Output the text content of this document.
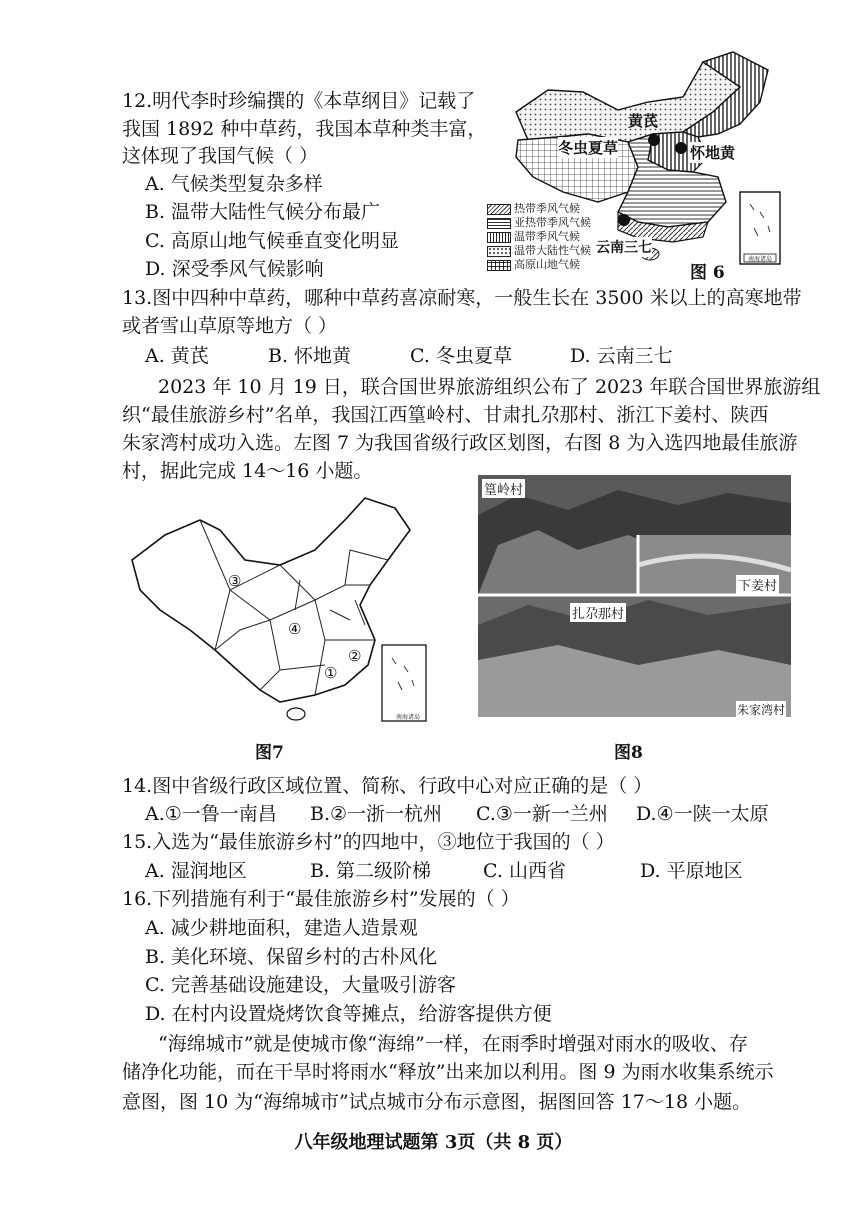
12.明代李时珍编撰的《本草纲目》记载了
我国 1892 种中草药，我国本草种类丰富，
这体现了我国气候（ ）
A. 气候类型复杂多样
B. 温带大陆性气候分布最广
C. 高原山地气候垂直变化明显
D. 深受季风气候影响
黄芪
冬虫夏草	怀地黄
云南三七
南海诸岛
热带季风气候
亚热带季风气候
温带季风气候
温带大陆性气候
高原山地气候	图 6
13.图中四种中草药，哪种中草药喜凉耐寒，一般生长在 3500 米以上的高寒地带
或者雪山草原等地方（ ）
A. 黄芪	B. 怀地黄	C. 冬虫夏草	D. 云南三七
2023 年 10 月 19 日，联合国世界旅游组织公布了 2023 年联合国世界旅游组
织“最佳旅游乡村”名单，我国江西篁岭村、甘肃扎尕那村、浙江下姜村、陕西
朱家湾村成功入选。左图 7 为我国省级行政区划图，右图 8 为入选四地最佳旅游
村，据此完成 14～16 小题。
③
④
②
①
南海诸岛
图7
篁岭村
下姜村
扎尕那村
朱家湾村
图8
14.图中省级行政区域位置、简称、行政中心对应正确的是（ ）
A.①一鲁一南昌 B.②一浙一杭州 C.③一新一兰州 D.④一陕一太原
15.入选为“最佳旅游乡村”的四地中，③地位于我国的（ ）
A. 湿润地区	B. 第二级阶梯	C. 山西省	D. 平原地区
16.下列措施有利于“最佳旅游乡村”发展的（ ）
A. 减少耕地面积，建造人造景观
B. 美化环境、保留乡村的古朴风化
C. 完善基础设施建设，大量吸引游客
D. 在村内设置烧烤饮食等摊点，给游客提供方便
“海绵城市”就是使城市像“海绵”一样，在雨季时增强对雨水的吸收、存
储净化功能，而在干旱时将雨水“释放”出来加以利用。图 9 为雨水收集系统示
意图，图 10 为“海绵城市”试点城市分布示意图，据图回答 17～18 小题。
八年级地理试题第 3页（共 8 页）
